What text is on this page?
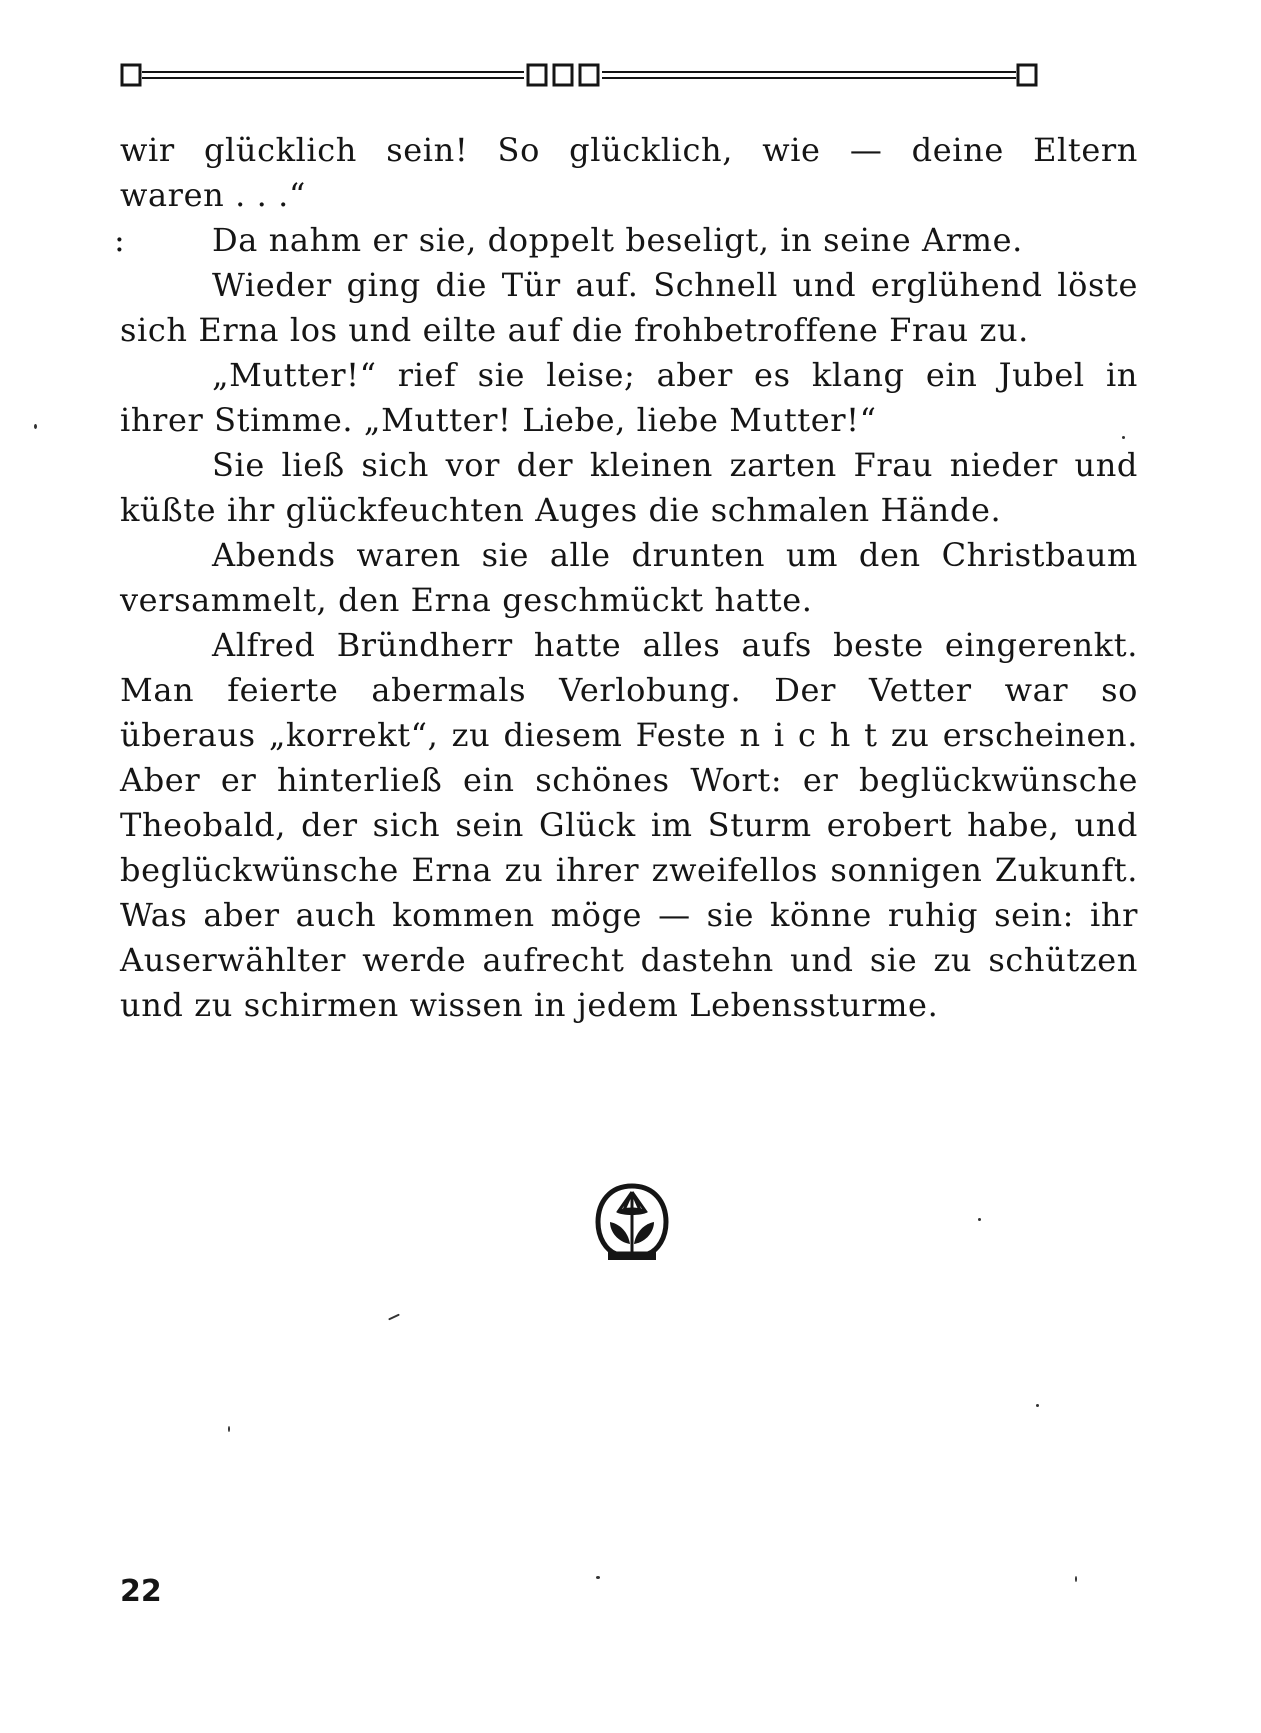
wir glücklich sein! So glücklich, wie — deine Eltern
waren . . .“
:	Da nahm er sie, doppelt beseligt, in seine Arme.
Wieder ging die Tür auf. Schnell und erglühend löste
sich Erna los und eilte auf die frohbetroffene Frau zu.
„Mutter!“ rief sie leise; aber es klang ein Jubel in
ihrer Stimme. „Mutter! Liebe, liebe Mutter!“
Sie ließ sich vor der kleinen zarten Frau nieder und
küßte ihr glückfeuchten Auges die schmalen Hände.
Abends waren sie alle drunten um den Christbaum
versammelt, den Erna geschmückt hatte.
Alfred Bründherr hatte alles aufs beste eingerenkt.
Man feierte abermals Verlobung. Der Vetter war so
überaus „korrekt“, zu diesem Feste n i c h t zu erscheinen.
Aber er hinterließ ein schönes Wort: er beglückwünsche
Theobald, der sich sein Glück im Sturm erobert habe, und
beglückwünsche Erna zu ihrer zweifellos sonnigen Zukunft.
Was aber auch kommen möge — sie könne ruhig sein: ihr
Auserwählter werde aufrecht dastehn und sie zu schützen
und zu schirmen wissen in jedem Lebenssturme.
22
